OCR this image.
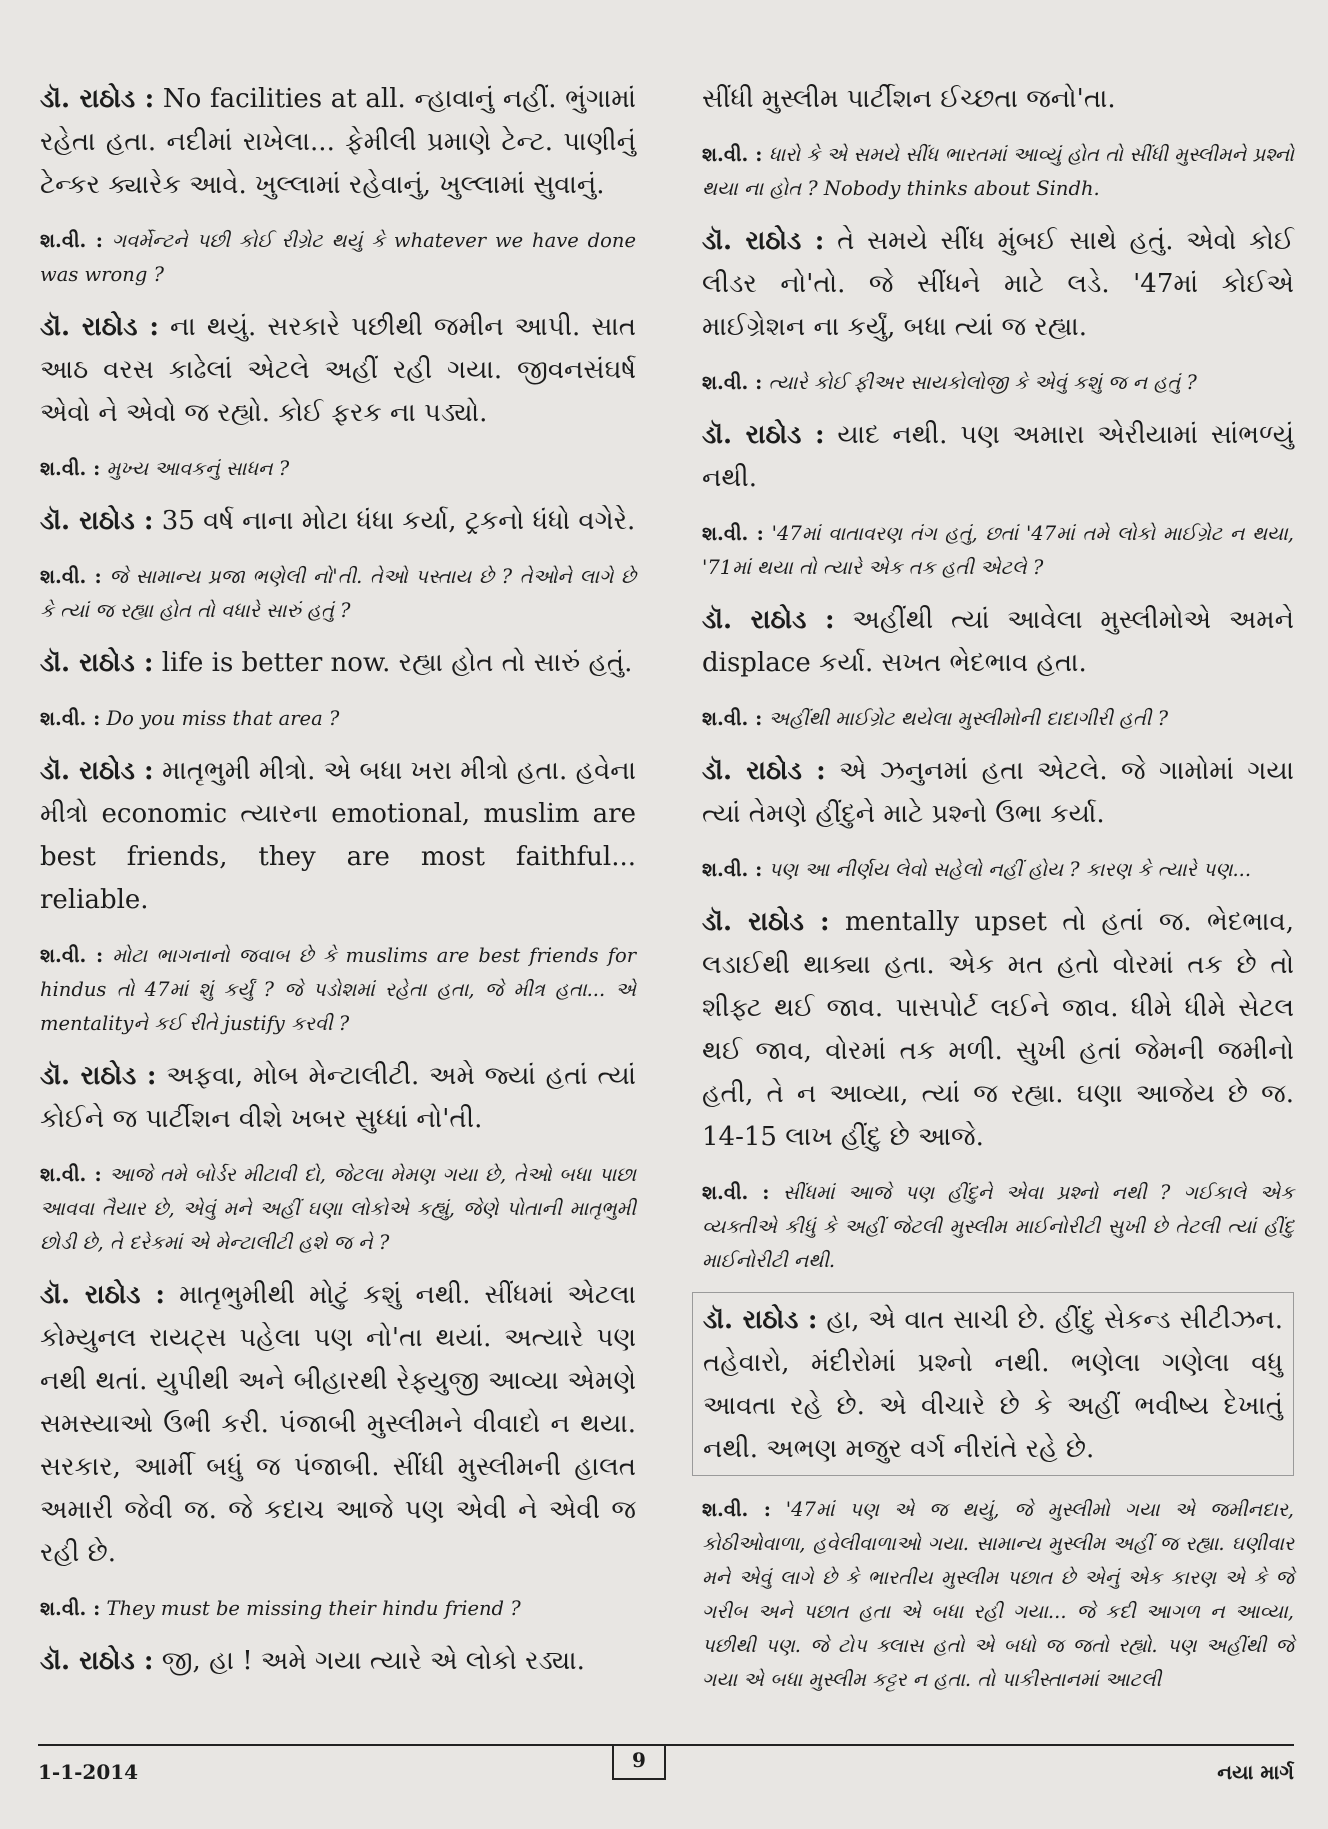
ડૉ. રાઠોડ : No facilities at all. ન્હાવાનું નહીં. ભુંગામાં રહેતા હતા. નદીમાં રાખેલા... ફેમીલી પ્રમાણે ટેન્ટ. પાણીનું ટેન્કર ક્યારેક આવે. ખુલ્લામાં રહેવાનું, ખુલ્લામાં સુવાનું.

શ.વી. : ગવર્મેન્ટને પછી કોઈ રીગ્રેટ થયું કે whatever we have done was wrong ?

ડૉ. રાઠોડ : ના થયું. સરકારે પછીથી જમીન આપી. સાત આઠ વરસ કાઢેલાં એટલે અહીં રહી ગયા. જીવનસંઘર્ષ એવો ને એવો જ રહ્યો. કોઈ ફરક ના પડ્યો.

શ.વી. : મુખ્ય આવકનું સાધન ?

ડૉ. રાઠોડ : 35 વર્ષ નાના મોટા ધંધા કર્યા, ટ્રકનો ધંધો વગેરે.

શ.વી. : જે સામાન્ય પ્રજા ભણેલી નો'તી. તેઓ પસ્તાય છે ? તેઓને લાગે છે કે ત્યાં જ રહ્યા હોત તો વધારે સારું હતું ?

ડૉ. રાઠોડ : life is better now. રહ્યા હોત તો સારું હતું.

શ.વી. : Do you miss that area ?

ડૉ. રાઠોડ : માતૃભુમી મીત્રો. એ બધા ખરા મીત્રો હતા. હવેના મીત્રો economic ત્યારના emotional, muslim are best friends, they are most faithful... reliable.

શ.વી. : મોટા ભાગનાનો જવાબ છે કે muslims are best friends for hindus તો 47માં શું કર્યું ? જે પડોશમાં રહેતા હતા, જે મીત્ર હતા... એ mentalityને કઈ રીતે justify કરવી ?

ડૉ. રાઠોડ : અફવા, મોબ મેન્ટાલીટી. અમે જ્યાં હતાં ત્યાં કોઈને જ પાર્ટીશન વીશે ખબર સુધ્ધાં નો'તી.

શ.વી. : આજે તમે બોર્ડર મીટાવી દો, જેટલા મેમણ ગયા છે, તેઓ બધા પાછા આવવા તૈયાર છે, એવું મને અહીં ઘણા લોકોએ કહ્યું, જેણે પોતાની માતૃભુમી છોડી છે, તે દરેકમાં એ મેન્ટાલીટી હશે જ ને ?

ડૉ. રાઠોડ : માતૃભુમીથી મોટું કશું નથી. સીંધમાં એટલા કોમ્યુનલ રાયટ્સ પહેલા પણ નો'તા થયાં. અત્યારે પણ નથી થતાં. યુપીથી અને બીહારથી રેફ્યુજી આવ્યા એમણે સમસ્યાઓ ઉભી કરી. પંજાબી મુસ્લીમને વીવાદો ન થયા. સરકાર, આર્મી બધું જ પંજાબી. સીંધી મુસ્લીમની હાલત અમારી જેવી જ. જે કદાચ આજે પણ એવી ને એવી જ રહી છે.

શ.વી. : They must be missing their hindu friend ?

ડૉ. રાઠોડ : જી, હા ! અમે ગયા ત્યારે એ લોકો રડ્યા.

સીંધી મુસ્લીમ પાર્ટીશન ઈચ્છતા જનો'તા.

શ.વી. : ધારો કે એ સમયે સીંધ ભારતમાં આવ્યું હોત તો સીંધી મુસ્લીમને પ્રશ્નો થયા ના હોત ? Nobody thinks about Sindh.

ડૉ. રાઠોડ : તે સમયે સીંધ મુંબઈ સાથે હતું. એવો કોઈ લીડર નો'તો. જે સીંધને માટે લડે. '47માં કોઈએ માઈગ્રેશન ના કર્યું, બધા ત્યાં જ રહ્યા.

શ.વી. : ત્યારે કોઈ ફીઅર સાયકોલોજી કે એવું કશું જ ન હતું ?

ડૉ. રાઠોડ : યાદ નથી. પણ અમારા એરીયામાં સાંભળ્યું નથી.

શ.વી. : '47માં વાતાવરણ તંગ હતું, છતાં '47માં તમે લોકો માઈગ્રેટ ન થયા, '71માં થયા તો ત્યારે એક તક હતી એટલે ?

ડૉ. રાઠોડ : અહીંથી ત્યાં આવેલા મુસ્લીમોએ અમને displace કર્યા. સખત ભેદભાવ હતા.

શ.વી. : અહીંથી માઈગ્રેટ થયેલા મુસ્લીમોની દાદાગીરી હતી ?

ડૉ. રાઠોડ : એ ઝનુનમાં હતા એટલે. જે ગામોમાં ગયા ત્યાં તેમણે હીંદુને માટે પ્રશ્નો ઉભા કર્યા.

શ.વી. : પણ આ નીર્ણય લેવો સહેલો નહીં હોય ? કારણ કે ત્યારે પણ...

ડૉ. રાઠોડ : mentally upset તો હતાં જ. ભેદભાવ, લડાઈથી થાક્યા હતા. એક મત હતો વોરમાં તક છે તો શીફ્ટ થઈ જાવ. પાસપોર્ટ લઈને જાવ. ધીમે ધીમે સેટલ થઈ જાવ, વોરમાં તક મળી. સુખી હતાં જેમની જમીનો હતી, તે ન આવ્યા, ત્યાં જ રહ્યા. ઘણા આજેય છે જ. 14-15 લાખ હીંદુ છે આજે.

શ.વી. : સીંધમાં આજે પણ હીંદુને એવા પ્રશ્નો નથી ? ગઈકાલે એક વ્યક્તીએ કીધું કે અહીં જેટલી મુસ્લીમ માઈનોરીટી સુખી છે તેટલી ત્યાં હીંદુ માઈનોરીટી નથી.

ડૉ. રાઠોડ : હા, એ વાત સાચી છે. હીંદુ સેકન્ડ સીટીઝન. તહેવારો, મંદીરોમાં પ્રશ્નો નથી. ભણેલા ગણેલા વધુ આવતા રહે છે. એ વીચારે છે કે અહીં ભવીષ્ય દેખાતું નથી. અભણ મજુર વર્ગ નીરાંતે રહે છે.

શ.વી. : '47માં પણ એ જ થયું, જે મુસ્લીમો ગયા એ જમીનદાર, કોઠીઓવાળા, હવેલીવાળાઓ ગયા. સામાન્ય મુસ્લીમ અહીં જ રહ્યા. ઘણીવાર મને એવું લાગે છે કે ભારતીય મુસ્લીમ પછાત છે એનું એક કારણ એ કે જે ગરીબ અને પછાત હતા એ બધા રહી ગયા... જે કદી આગળ ન આવ્યા, પછીથી પણ. જે ટોપ ક્લાસ હતો એ બધો જ જતો રહ્યો. પણ અહીંથી જે ગયા એ બધા મુસ્લીમ કટ્ટર ન હતા. તો પાકીસ્તાનમાં આટલી

1-1-2014	9	નયા માર્ગ
